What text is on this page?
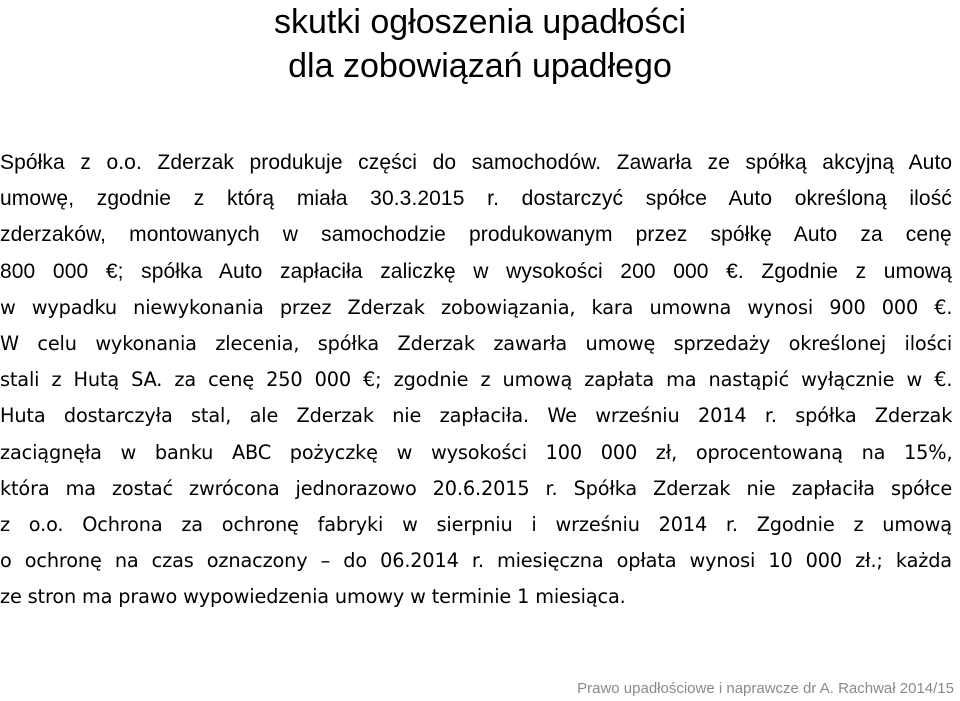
skutki ogłoszenia upadłości
dla zobowiązań upadłego
Spółka z o.o. Zderzak produkuje części do samochodów. Zawarła ze spółką akcyjną Auto
umowę, zgodnie z którą miała 30.3.2015 r. dostarczyć spółce Auto określoną ilość
zderzaków, montowanych w samochodzie produkowanym przez spółkę Auto za cenę
800 000 €; spółka Auto zapłaciła zaliczkę w wysokości 200 000 €. Zgodnie z umową
w wypadku niewykonania przez Zderzak zobowiązania, kara umowna wynosi 900 000 €.
W celu wykonania zlecenia, spółka Zderzak zawarła umowę sprzedaży określonej ilości
stali z Hutą SA. za cenę 250 000 €; zgodnie z umową zapłata ma nastąpić wyłącznie w €.
Huta dostarczyła stal, ale Zderzak nie zapłaciła. We wrześniu 2014 r. spółka Zderzak
zaciągnęła w banku ABC pożyczkę w wysokości 100 000 zł, oprocentowaną na 15%,
która ma zostać zwrócona jednorazowo 20.6.2015 r. Spółka Zderzak nie zapłaciła spółce
z o.o. Ochrona za ochronę fabryki w sierpniu i wrześniu 2014 r. Zgodnie z umową
o ochronę na czas oznaczony – do 06.2014 r. miesięczna opłata wynosi 10 000 zł.; każda
ze stron ma prawo wypowiedzenia umowy w terminie 1 miesiąca.
Prawo upadłościowe i naprawcze dr A. Rachwał 2014/15
